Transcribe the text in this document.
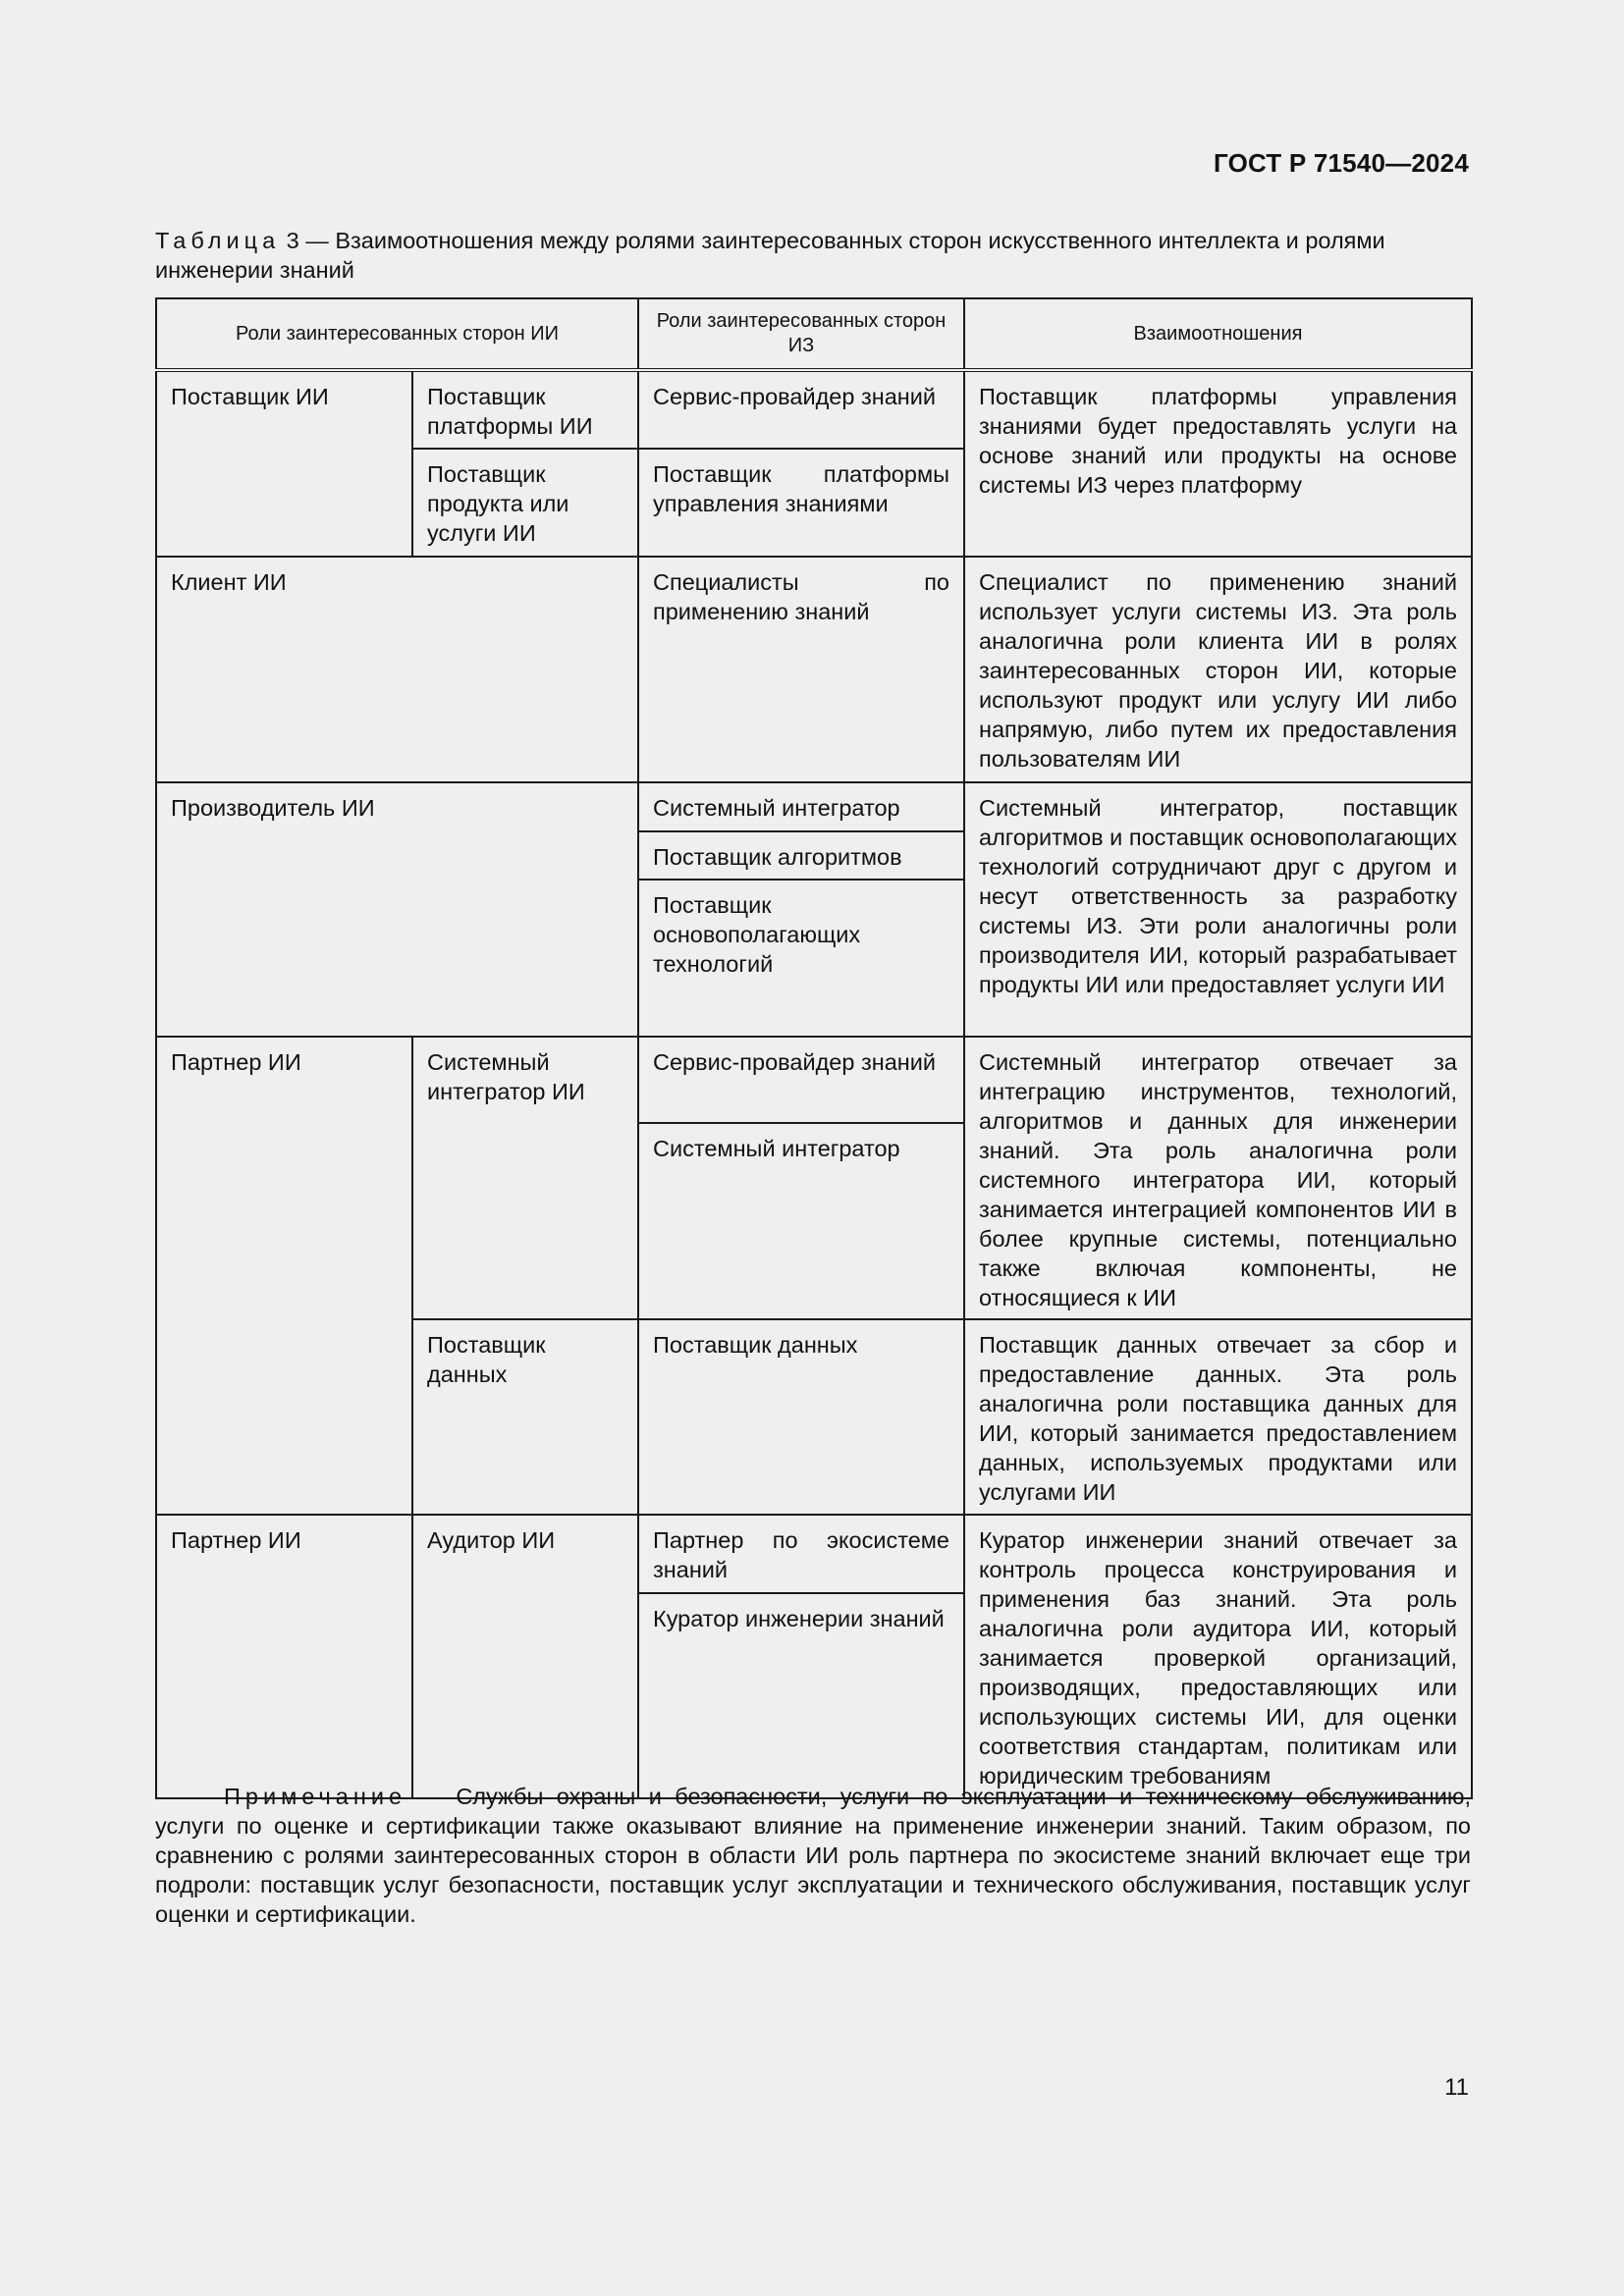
ГОСТ Р 71540—2024
Таблица 3 — Взаимоотношения между ролями заинтересованных сторон искусственного интеллекта и ролями инженерии знаний
Роли заинтересованных сторон ИИ		Роли заинтересованных сторон ИЗ	Взаимоотношения
Поставщик ИИ	Поставщик платформы ИИ	Сервис-провайдер знаний	Поставщик платформы управления знаниями будет предоставлять услуги на основе знаний или продукты на основе системы ИЗ через платформу
	Поставщик продукта или услуги ИИ	Поставщик платформы управления знаниями	
Клиент ИИ		Специалисты по применению знаний	Специалист по применению знаний использует услуги системы ИЗ. Эта роль аналогична роли клиента ИИ в ролях заинтересованных сторон ИИ, которые используют продукт или услугу ИИ либо напрямую, либо путем их предоставления пользователям ИИ
Производитель ИИ		Системный интегратор	Системный интегратор, поставщик алгоритмов и поставщик основополагающих технологий сотрудничают друг с другом и несут ответственность за разработку системы ИЗ. Эти роли аналогичны роли производителя ИИ, который разрабатывает продукты ИИ или предоставляет услуги ИИ
		Поставщик алгоритмов	
		Поставщик основополагающих технологий	
Партнер ИИ	Системный интегратор ИИ	Сервис-провайдер знаний	Системный интегратор отвечает за интеграцию инструментов, технологий, алгоритмов и данных для инженерии знаний. Эта роль аналогична роли системного интегратора ИИ, который занимается интеграцией компонентов ИИ в более крупные системы, потенциально также включая компоненты, не относящиеся к ИИ
		Системный интегратор	
	Поставщик данных	Поставщик данных	Поставщик данных отвечает за сбор и предоставление данных. Эта роль аналогична роли поставщика данных для ИИ, который занимается предоставлением данных, используемых продуктами или услугами ИИ
Партнер ИИ	Аудитор ИИ	Партнер по экосистеме знаний	Куратор инженерии знаний отвечает за контроль процесса конструирования и применения баз знаний. Эта роль аналогична роли аудитора ИИ, который занимается проверкой организаций, производящих, предоставляющих или использующих системы ИИ, для оценки соответствия стандартам, политикам или юридическим требованиям
		Куратор инженерии знаний	
Примечание — Службы охраны и безопасности, услуги по эксплуатации и техническому обслуживанию, услуги по оценке и сертификации также оказывают влияние на применение инженерии знаний. Таким образом, по сравнению с ролями заинтересованных сторон в области ИИ роль партнера по экосистеме знаний включает еще три подроли: поставщик услуг безопасности, поставщик услуг эксплуатации и технического обслуживания, поставщик услуг оценки и сертификации.
11
